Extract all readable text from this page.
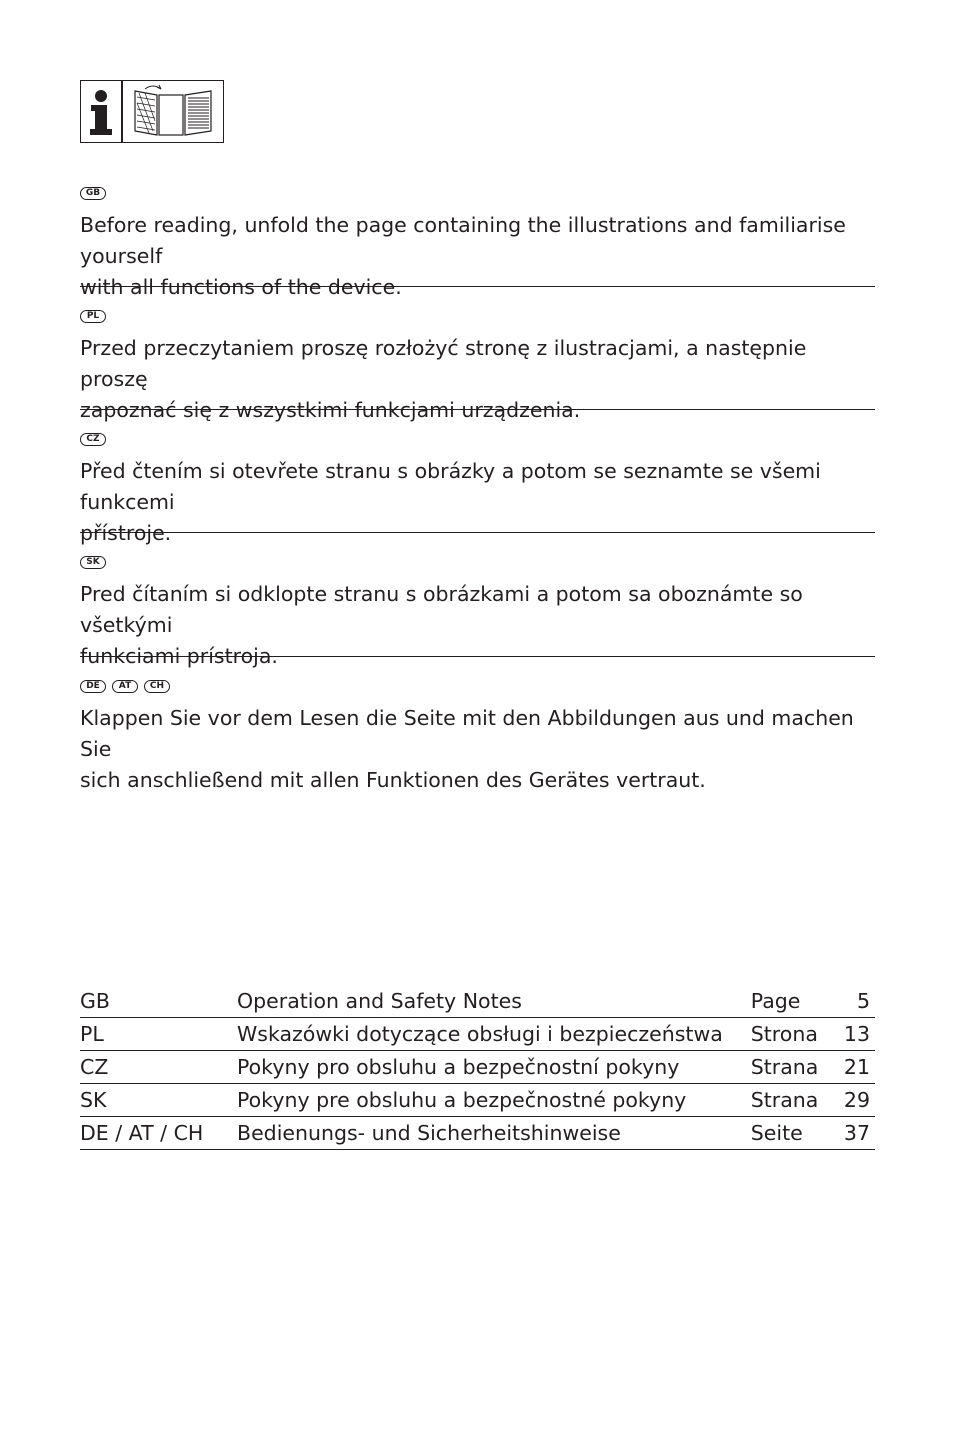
GB
Before reading, unfold the page containing the illustrations and familiarise yourself
with all functions of the device.
PL
Przed przeczytaniem proszę rozłożyć stronę z ilustracjami, a następnie proszę
zapoznać się z wszystkimi funkcjami urządzenia.
CZ
Před čtením si otevřete stranu s obrázky a potom se seznamte se všemi funkcemi
přístroje.
SK
Pred čítaním si odklopte stranu s obrázkami a potom sa oboznámte so všetkými
funkciami prístroja.
DE	AT	CH
Klappen Sie vor dem Lesen die Seite mit den Abbildungen aus und machen Sie
sich anschließend mit allen Funktionen des Gerätes vertraut.
GB	Operation and Safety Notes	Page	5
PL	Wskazówki dotyczące obsługi i bezpieczeństwa	Strona	13
CZ	Pokyny pro obsluhu a bezpečnostní pokyny	Strana	21
SK	Pokyny pre obsluhu a bezpečnostné pokyny	Strana	29
DE / AT / CH	Bedienungs- und Sicherheitshinweise	Seite	37
